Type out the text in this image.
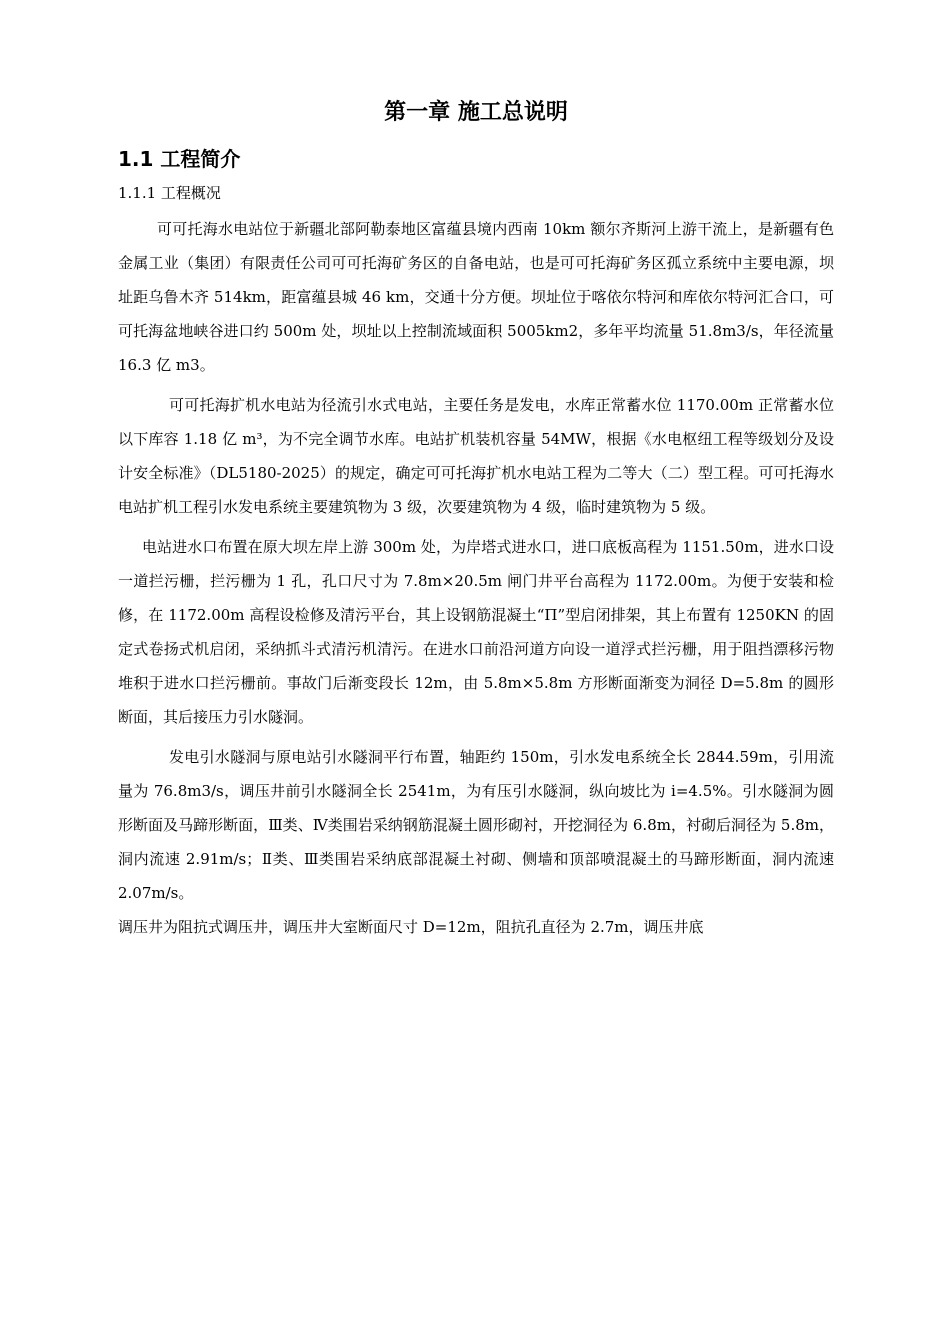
第一章 施工总说明
1.1 工程简介
1.1.1 工程概况

可可托海水电站位于新疆北部阿勒泰地区富蕴县境内西南 10km 额尔齐斯河上游干流上，是新疆有色金属工业（集团）有限责任公司可可托海矿务区的自备电站，也是可可托海矿务区孤立系统中主要电源，坝址距乌鲁木齐 514km，距富蕴县城 46 km，交通十分方便。坝址位于喀依尔特河和库依尔特河汇合口，可可托海盆地峡谷进口约 500m 处，坝址以上控制流域面积 5005km2，多年平均流量 51.8m3/s，年径流量 16.3 亿 m3。

可可托海扩机水电站为径流引水式电站，主要任务是发电，水库正常蓄水位 1170.00m 正常蓄水位以下库容 1.18 亿 m³，为不完全调节水库。电站扩机装机容量 54MW，根据《水电枢纽工程等级划分及设计安全标准》（DL5180-2025）的规定，确定可可托海扩机水电站工程为二等大（二）型工程。可可托海水电站扩机工程引水发电系统主要建筑物为 3 级，次要建筑物为 4 级，临时建筑物为 5 级。

电站进水口布置在原大坝左岸上游 300m 处，为岸塔式进水口，进口底板高程为 1151.50m，进水口设一道拦污栅，拦污栅为 1 孔，孔口尺寸为 7.8m×20.5m 闸门井平台高程为 1172.00m。为便于安装和检修，在 1172.00m 高程设检修及清污平台，其上设钢筋混凝土“Π”型启闭排架，其上布置有 1250KN 的固定式卷扬式机启闭，采纳抓斗式清污机清污。在进水口前沿河道方向设一道浮式拦污栅，用于阻挡漂移污物堆积于进水口拦污栅前。事故门后渐变段长 12m，由 5.8m×5.8m 方形断面渐变为洞径 D=5.8m 的圆形断面，其后接压力引水隧洞。

发电引水隧洞与原电站引水隧洞平行布置，轴距约 150m，引水发电系统全长 2844.59m，引用流量为 76.8m3/s，调压井前引水隧洞全长 2541m，为有压引水隧洞，纵向坡比为 i=4.5%。引水隧洞为圆形断面及马蹄形断面，Ⅲ类、Ⅳ类围岩采纳钢筋混凝土圆形砌衬，开挖洞径为 6.8m，衬砌后洞径为 5.8m，洞内流速 2.91m/s；Ⅱ类、Ⅲ类围岩采纳底部混凝土衬砌、侧墙和顶部喷混凝土的马蹄形断面，洞内流速 2.07m/s。

调压井为阻抗式调压井，调压井大室断面尺寸 D=12m，阻抗孔直径为 2.7m，调压井底
